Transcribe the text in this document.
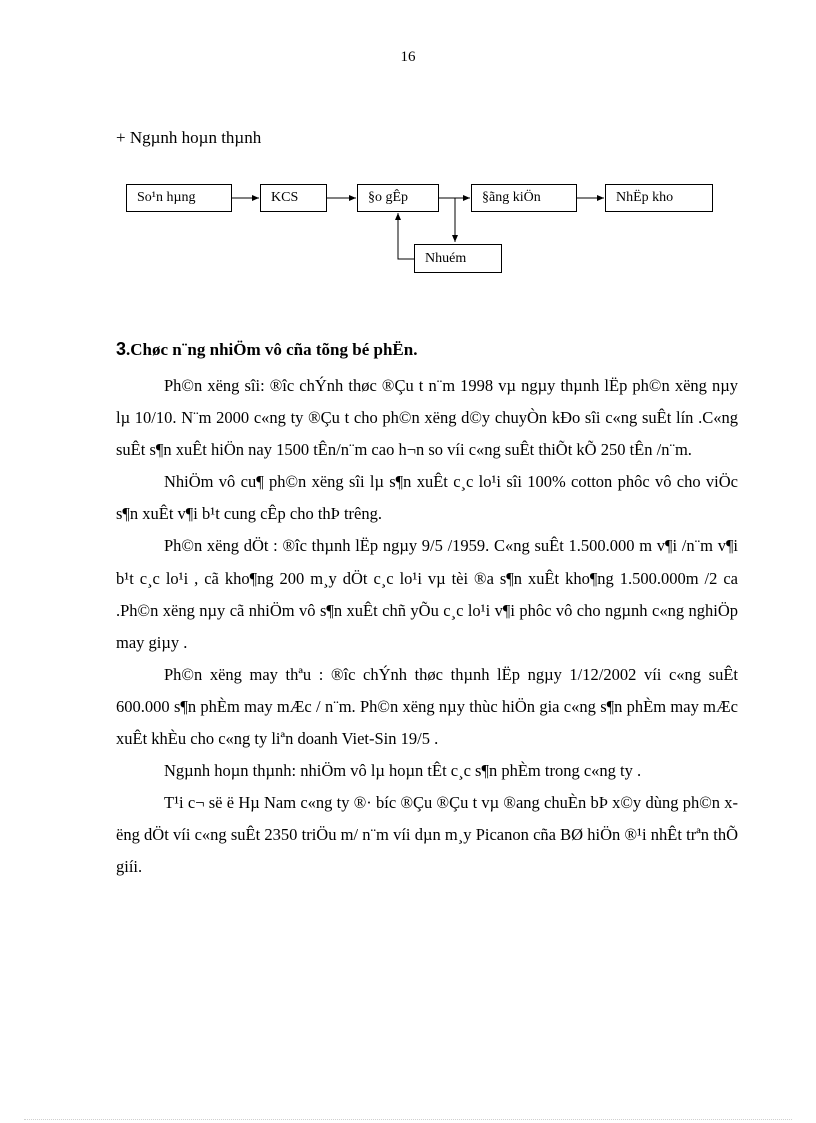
16
+ Ngµnh hoµn thµnh
So¹n hµng	KCS	§o gÊp	§ãng kiÖn	NhËp kho
Nhuém
3.Chøc n¨ng nhiÖm vô cña tõng bé phËn.

Ph©n xëng sîi: ®îc chÝnh thøc ®Çu t n¨m 1998 vµ ngµy thµnh lËp ph©n xëng nµy lµ 10/10. N¨m 2000 c«ng ty ®Çu t cho ph©n xëng d©y chuyÒn kÐo sîi c«ng suÊt lín .C«ng suÊt s¶n xuÊt hiÖn nay 1500 tÊn/n¨m cao h¬n so víi c«ng suÊt thiÕt kÕ 250 tÊn /n¨m.

NhiÖm vô cu¶ ph©n xëng sîi lµ s¶n xuÊt c¸c lo¹i sîi 100% cotton phôc vô cho viÖc s¶n xuÊt v¶i b¹t cung cÊp cho thÞ trêng.

Ph©n xëng dÖt : ®îc thµnh lËp ngµy 9/5 /1959. C«ng suÊt 1.500.000 m v¶i /n¨m v¶i b¹t c¸c lo¹i , cã kho¶ng 200 m¸y dÖt c¸c lo¹i vµ tèi ®a s¶n xuÊt kho¶ng 1.500.000m /2 ca .Ph©n xëng nµy cã nhiÖm vô s¶n xuÊt chñ yÕu c¸c lo¹i v¶i phôc vô cho ngµnh c«ng nghiÖp may giµy .

Ph©n xëng may thªu : ®îc chÝnh thøc thµnh lËp ngµy 1/12/2002 víi c«ng suÊt 600.000 s¶n phÈm may mÆc / n¨m. Ph©n xëng nµy thùc hiÖn gia c«ng s¶n phÈm may mÆc xuÊt khÈu cho c«ng ty liªn doanh Viet-Sin 19/5 .

Ngµnh hoµn thµnh: nhiÖm vô lµ hoµn tÊt c¸c s¶n phÈm trong c«ng ty .

T¹i c¬ së ë Hµ Nam c«ng ty ®· bíc ®Çu ®Çu t vµ ®ang chuÈn bÞ x©y dùng ph©n xëng dÖt víi c«ng suÊt 2350 triÖu m/ n¨m víi dµn m¸y Picanon cña BØ hiÖn ®¹i nhÊt trªn thÕ giíi.
